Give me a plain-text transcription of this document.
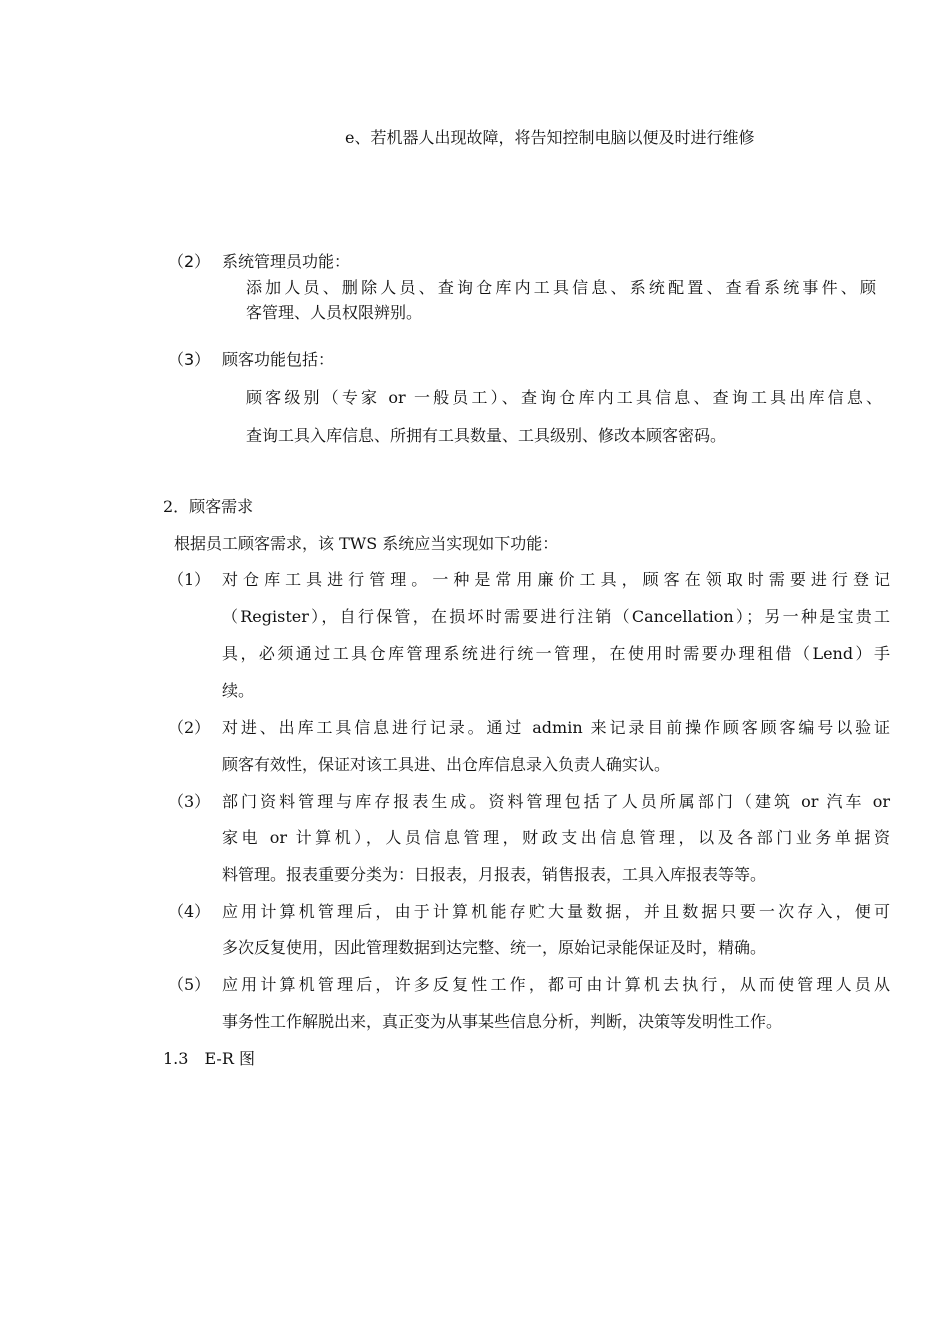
e、若机器人出现故障，将告知控制电脑以便及时进行维修
（2） 系统管理员功能：
添加人员、删除人员、查询仓库内工具信息、系统配置、查看系统事件、顾
客管理、人员权限辨别。
（3） 顾客功能包括：
顾客级别（专家 or 一般员工）、查询仓库内工具信息、查询工具出库信息、
查询工具入库信息、所拥有工具数量、工具级别、修改本顾客密码。
2．顾客需求
根据员工顾客需求，该 TWS 系统应当实现如下功能：
（1） 对仓库工具进行管理。一种是常用廉价工具，顾客在领取时需要进行登记
（Register），自行保管，在损坏时需要进行注销（Cancellation）；另一种是宝贵工
具，必须通过工具仓库管理系统进行统一管理，在使用时需要办理租借（Lend）手
续。
（2） 对进、出库工具信息进行记录。通过 admin 来记录目前操作顾客顾客编号以验证
顾客有效性，保证对该工具进、出仓库信息录入负责人确实认。
（3） 部门资料管理与库存报表生成。资料管理包括了人员所属部门（建筑 or 汽车 or
家电 or 计算机），人员信息管理，财政支出信息管理，以及各部门业务单据资
料管理。报表重要分类为：日报表，月报表，销售报表，工具入库报表等等。
（4） 应用计算机管理后，由于计算机能存贮大量数据，并且数据只要一次存入，便可
多次反复使用，因此管理数据到达完整、统一，原始记录能保证及时，精确。
（5） 应用计算机管理后，许多反复性工作，都可由计算机去执行，从而使管理人员从
事务性工作解脱出来，真正变为从事某些信息分析，判断，决策等发明性工作。
1.3　E-R 图
